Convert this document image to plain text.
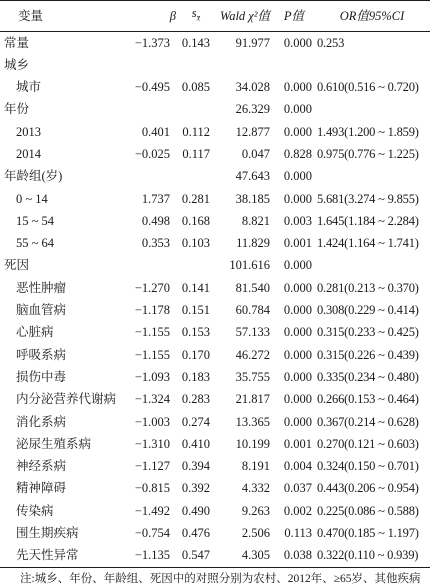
变量	β	$s_{x̄}$	Wald χ²值	P值	OR值95%CI
常量	−1.373	0.143	91.977	0.000	0.253
城乡					
城市	−0.495	0.085	34.028	0.000	0.610(0.516 ~ 0.720)
年份			26.329	0.000	
2013	0.401	0.112	12.877	0.000	1.493(1.200 ~ 1.859)
2014	−0.025	0.117	0.047	0.828	0.975(0.776 ~ 1.225)
年龄组(岁)			47.643	0.000	
0 ~ 14	1.737	0.281	38.185	0.000	5.681(3.274 ~ 9.855)
15 ~ 54	0.498	0.168	8.821	0.003	1.645(1.184 ~ 2.284)
55 ~ 64	0.353	0.103	11.829	0.001	1.424(1.164 ~ 1.741)
死因			101.616	0.000	
恶性肿瘤	−1.270	0.141	81.540	0.000	0.281(0.213 ~ 0.370)
脑血管病	−1.178	0.151	60.784	0.000	0.308(0.229 ~ 0.414)
心脏病	−1.155	0.153	57.133	0.000	0.315(0.233 ~ 0.425)
呼吸系病	−1.155	0.170	46.272	0.000	0.315(0.226 ~ 0.439)
损伤中毒	−1.093	0.183	35.755	0.000	0.335(0.234 ~ 0.480)
内分泌营养代谢病	−1.324	0.283	21.817	0.000	0.266(0.153 ~ 0.464)
消化系病	−1.003	0.274	13.365	0.000	0.367(0.214 ~ 0.628)
泌尿生殖系病	−1.310	0.410	10.199	0.001	0.270(0.121 ~ 0.603)
神经系病	−1.127	0.394	8.191	0.004	0.324(0.150 ~ 0.701)
精神障碍	−0.815	0.392	4.332	0.037	0.443(0.206 ~ 0.954)
传染病	−1.492	0.490	9.263	0.002	0.225(0.086 ~ 0.588)
围生期疾病	−0.754	0.476	2.506	0.113	0.470(0.185 ~ 1.197)
先天性异常	−1.135	0.547	4.305	0.038	0.322(0.110 ~ 0.939)
注:城乡、年份、年龄组、死因中的对照分别为农村、2012年、≥65岁、其他疾病
